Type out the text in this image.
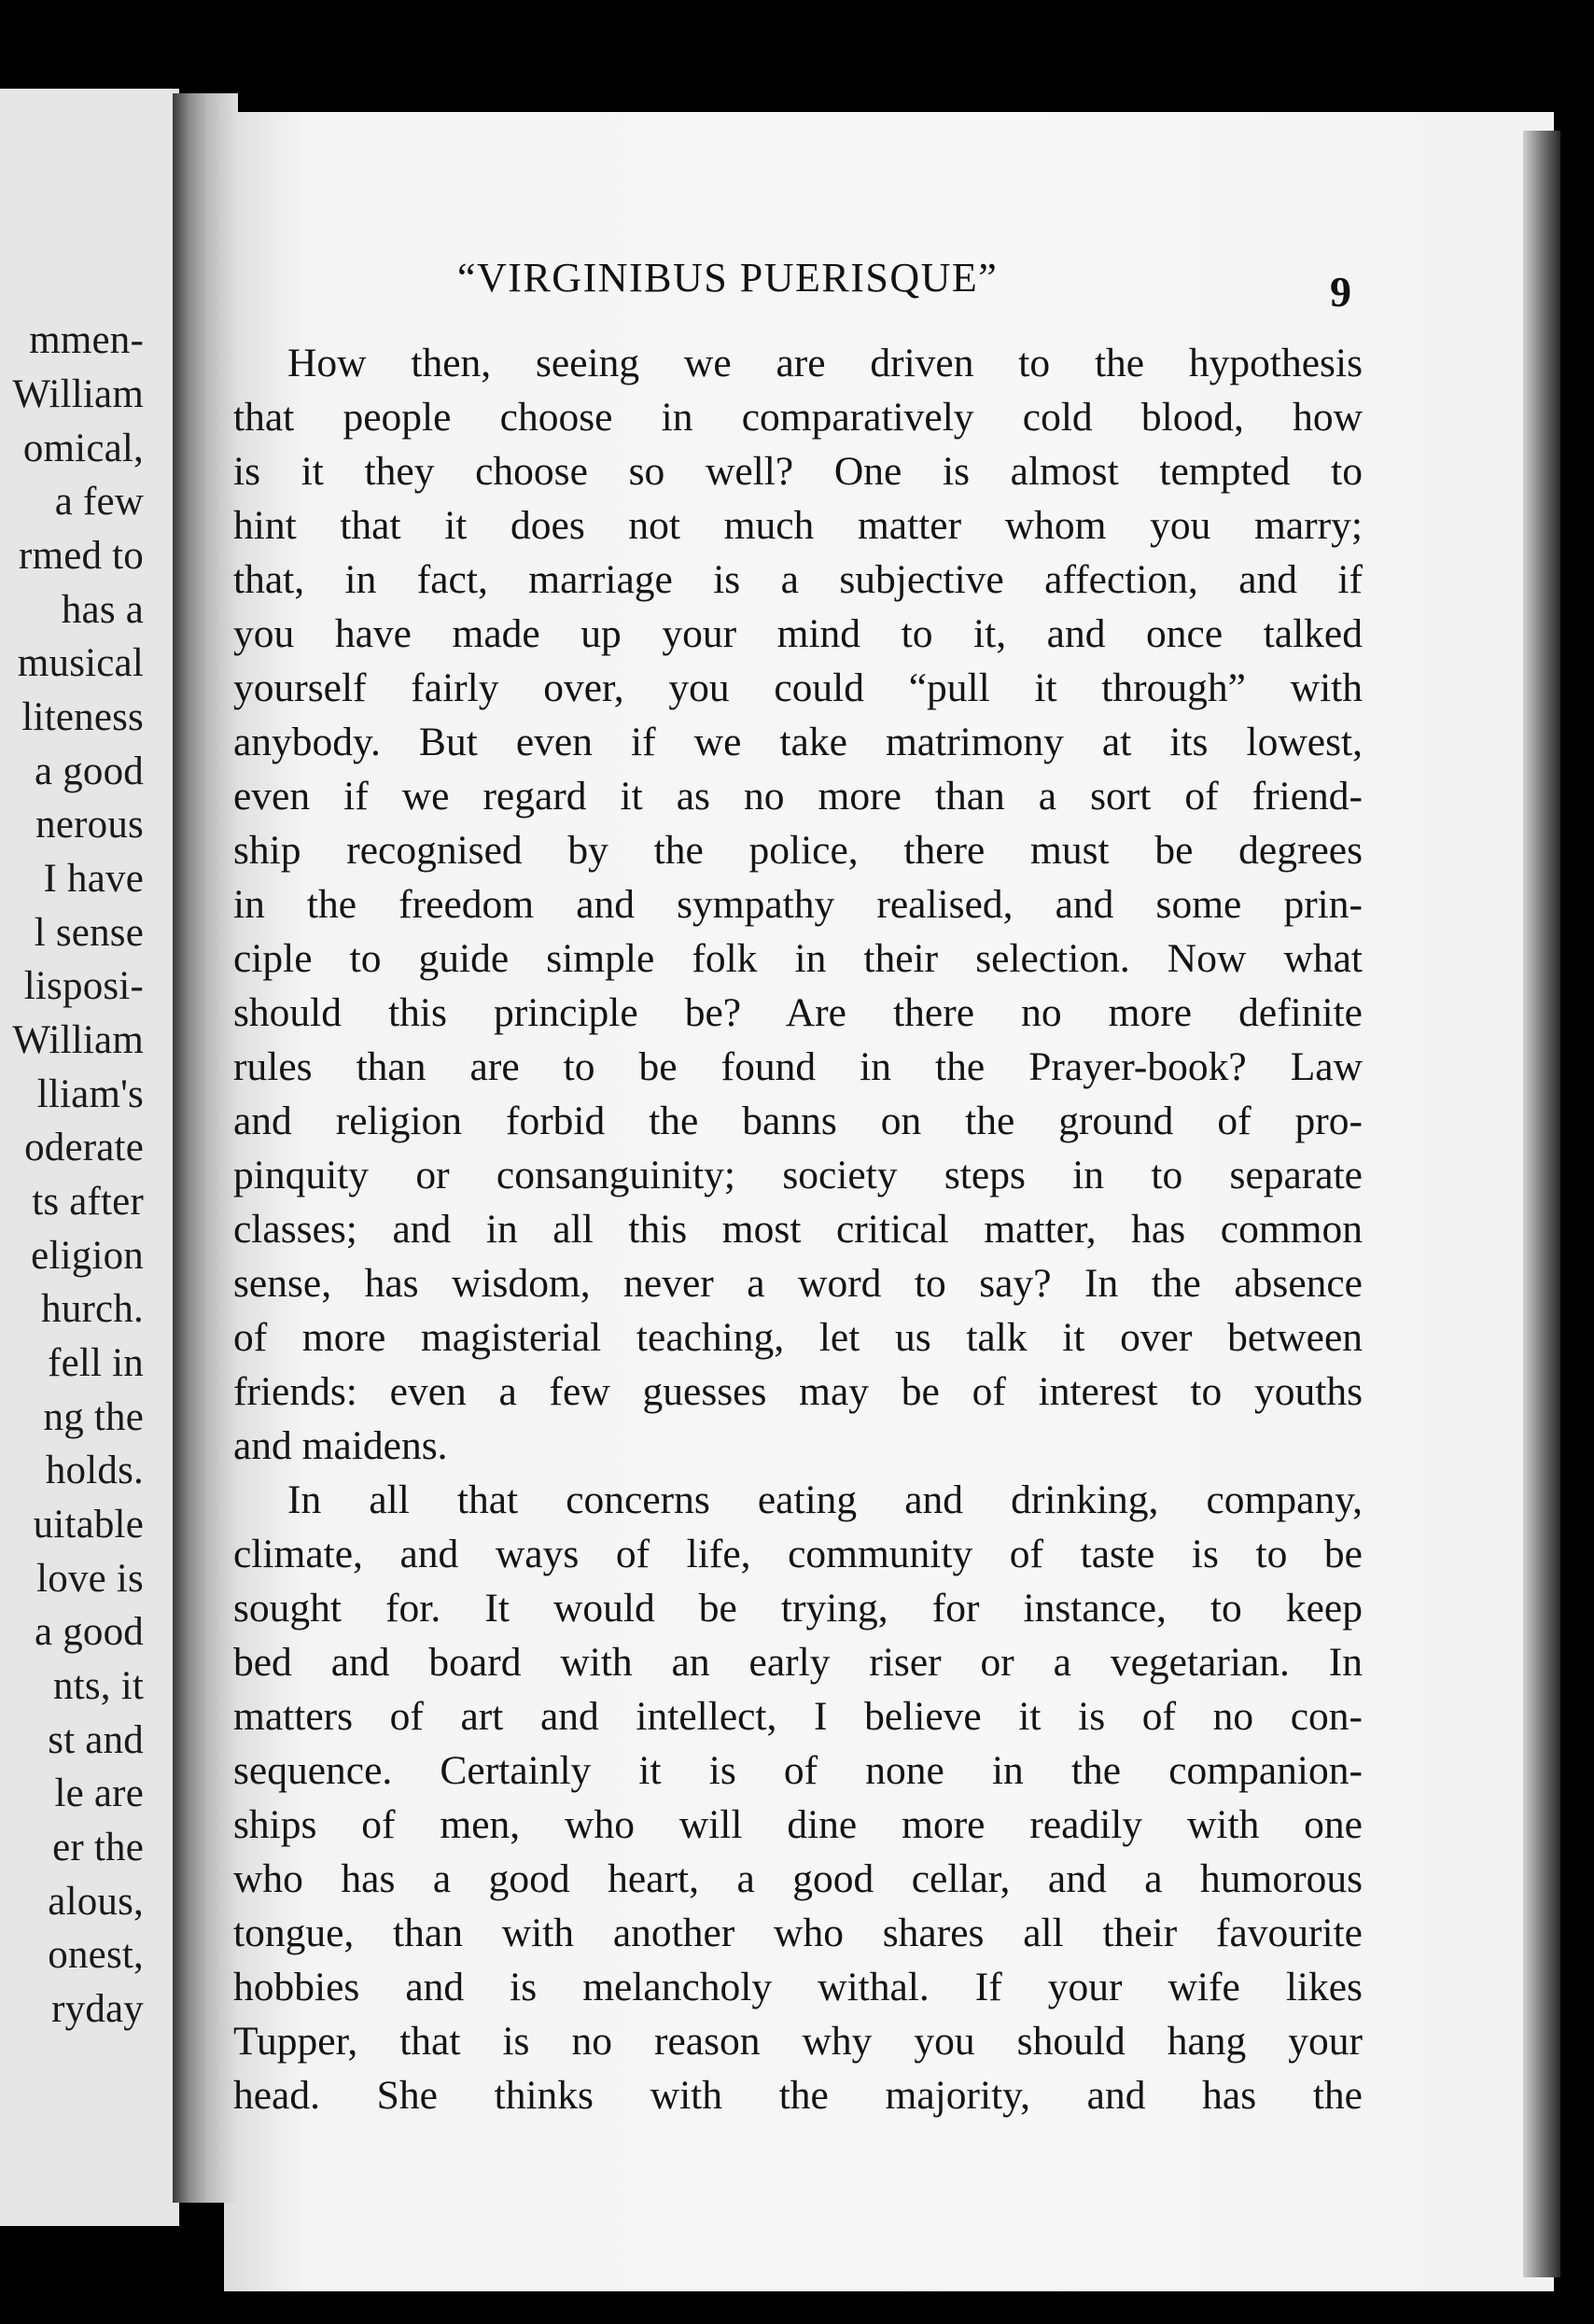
mmen-
William
omical,
a few
rmed to
has a
musical
liteness
a good
nerous
I have
l sense
lisposi-
William
lliam's
oderate
ts after
eligion
hurch.
fell in
ng the
holds.
uitable
love is
a good
nts, it
st and
le are
er the
alous,
onest,
ryday
“VIRGINIBUS PUERISQUE”	9
How then, seeing we are driven to the hypothesis
that people choose in comparatively cold blood, how
is it they choose so well? One is almost tempted to
hint that it does not much matter whom you marry;
that, in fact, marriage is a subjective affection, and if
you have made up your mind to it, and once talked
yourself fairly over, you could “pull it through” with
anybody. But even if we take matrimony at its lowest,
even if we regard it as no more than a sort of friend-
ship recognised by the police, there must be degrees
in the freedom and sympathy realised, and some prin-
ciple to guide simple folk in their selection. Now what
should this principle be? Are there no more definite
rules than are to be found in the Prayer-book? Law
and religion forbid the banns on the ground of pro-
pinquity or consanguinity; society steps in to separate
classes; and in all this most critical matter, has common
sense, has wisdom, never a word to say? In the absence
of more magisterial teaching, let us talk it over between
friends: even a few guesses may be of interest to youths
and maidens.
In all that concerns eating and drinking, company,
climate, and ways of life, community of taste is to be
sought for. It would be trying, for instance, to keep
bed and board with an early riser or a vegetarian. In
matters of art and intellect, I believe it is of no con-
sequence. Certainly it is of none in the companion-
ships of men, who will dine more readily with one
who has a good heart, a good cellar, and a humorous
tongue, than with another who shares all their favourite
hobbies and is melancholy withal. If your wife likes
Tupper, that is no reason why you should hang your
head. She thinks with the majority, and has the
